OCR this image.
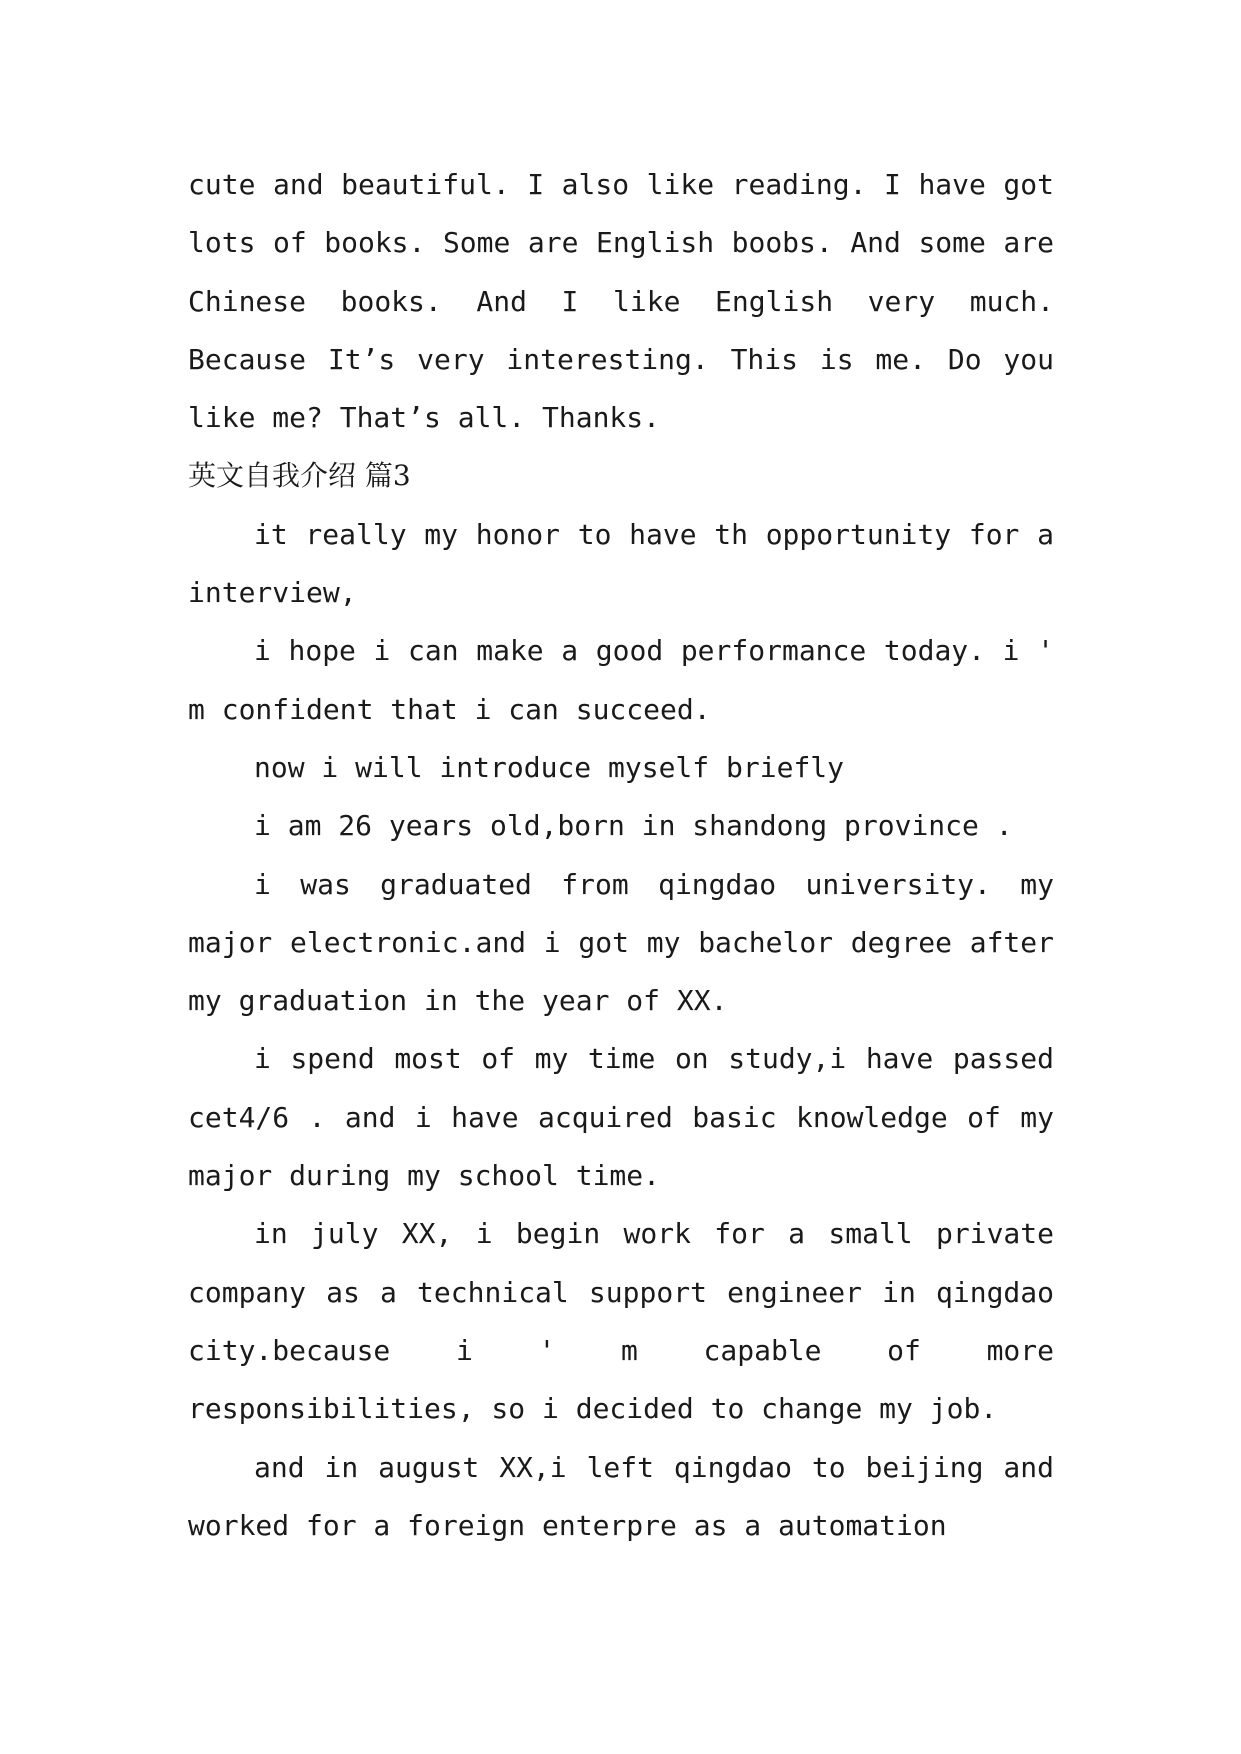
cute and beautiful. I also like reading. I have got lots of books. Some are English boobs. And some are Chinese books. And I like English very much. Because It’s very interesting. This is me. Do you like me? That’s all. Thanks.

英文自我介绍 篇3

it really my honor to have th opportunity for a interview,

i hope i can make a good performance today. i ' m confident that i can succeed.

now i will introduce myself briefly

i am 26 years old,born in shandong province .

i was graduated from qingdao university. my major electronic.and i got my bachelor degree after my graduation in the year of XX.

i spend most of my time on study,i have passed cet4/6 . and i have acquired basic knowledge of my major during my school time.

in july XX, i begin work for a small private company as a technical support engineer in qingdao city.because i ' m capable of more responsibilities, so i decided to change my job.

and in august XX,i left qingdao to beijing and worked for a foreign enterpre as a automation
